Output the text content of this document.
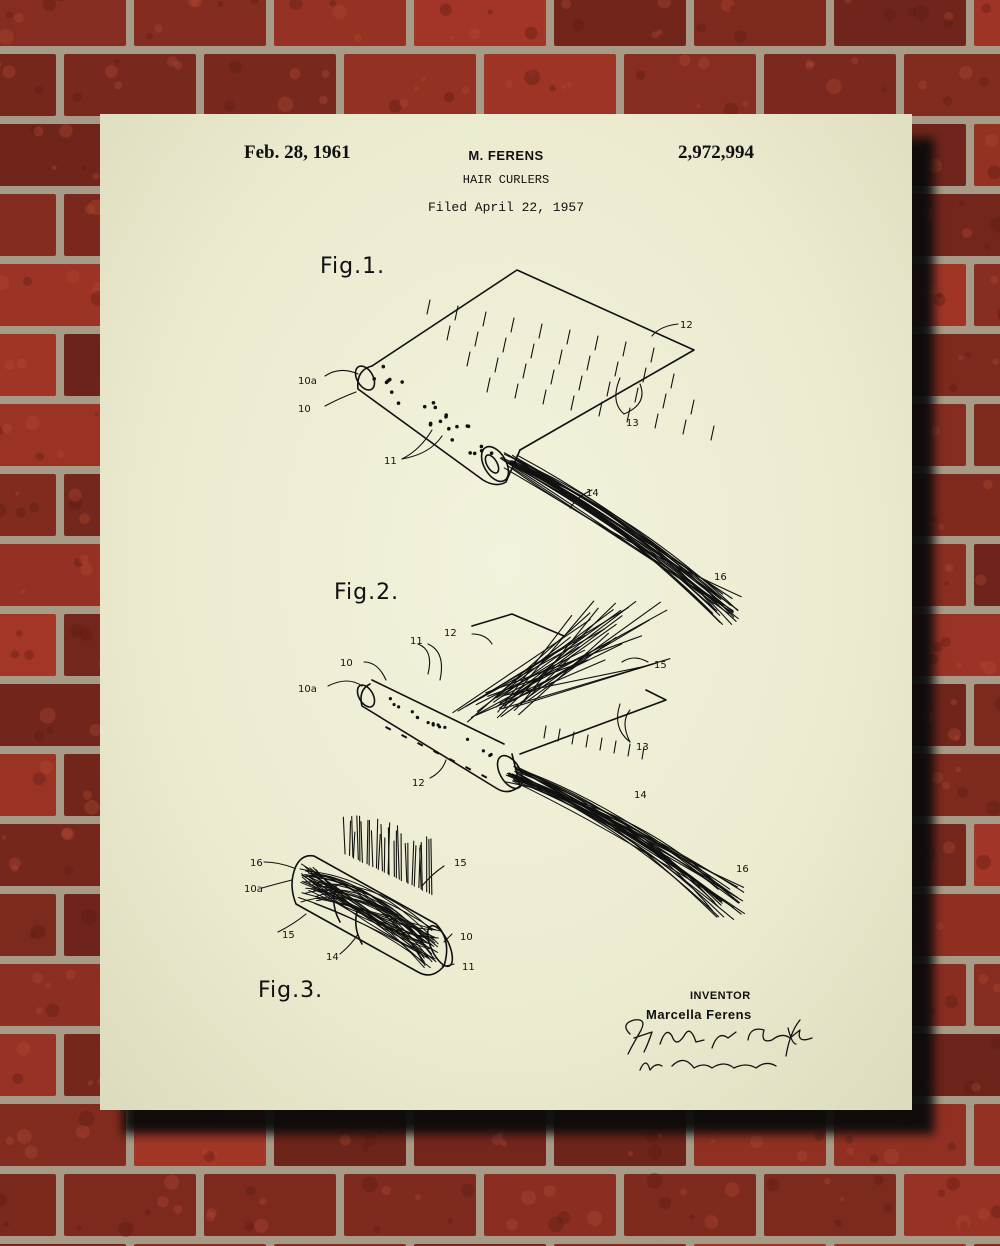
Feb. 28, 1961	M. FERENS	2,972,994
HAIR CURLERS
Filed April 22, 1957
Fig.1.
Fig.2.
Fig.3.
10a
10
11
12
13
14
16
12
11
10
10a
15
13
12
14
16
16
10a
15
14
15
10
11
INVENTOR
Marcella Ferens
